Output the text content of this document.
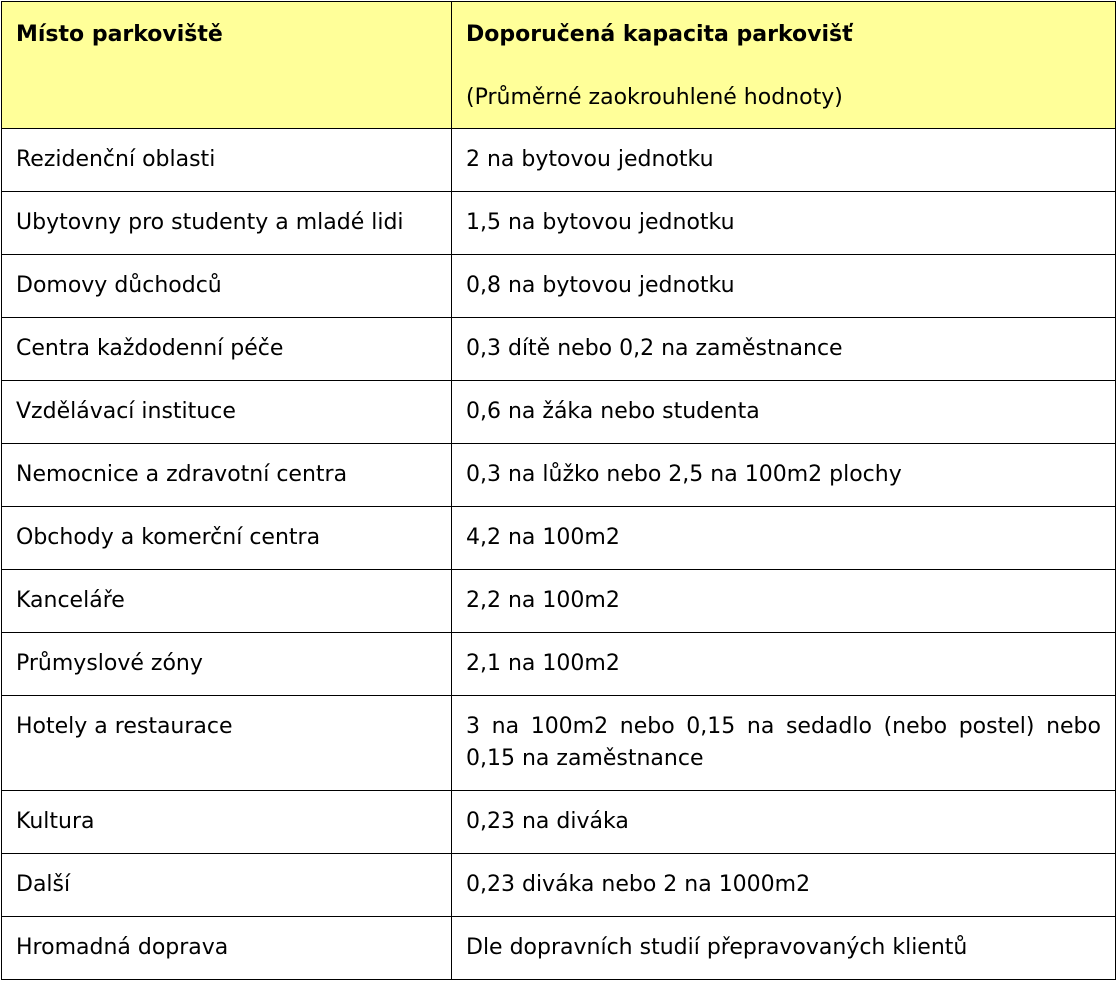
Místo parkoviště	Doporučená kapacita parkovišť
(Průměrné zaokrouhlené hodnoty)

Rezidenční oblasti	2 na bytovou jednotku
Ubytovny pro studenty a mladé lidi	1,5 na bytovou jednotku
Domovy důchodců	0,8 na bytovou jednotku
Centra každodenní péče	0,3 dítě nebo 0,2 na zaměstnance
Vzdělávací instituce	0,6 na žáka nebo studenta
Nemocnice a zdravotní centra	0,3 na lůžko nebo 2,5 na 100m2 plochy
Obchody a komerční centra	4,2 na 100m2
Kanceláře	2,2 na 100m2
Průmyslové zóny	2,1 na 100m2
Hotely a restaurace	3 na 100m2 nebo 0,15 na sedadlo (nebo postel) nebo 0,15 na zaměstnance
Kultura	0,23 na diváka
Další	0,23 diváka nebo 2 na 1000m2
Hromadná doprava	Dle dopravních studií přepravovaných klientů
